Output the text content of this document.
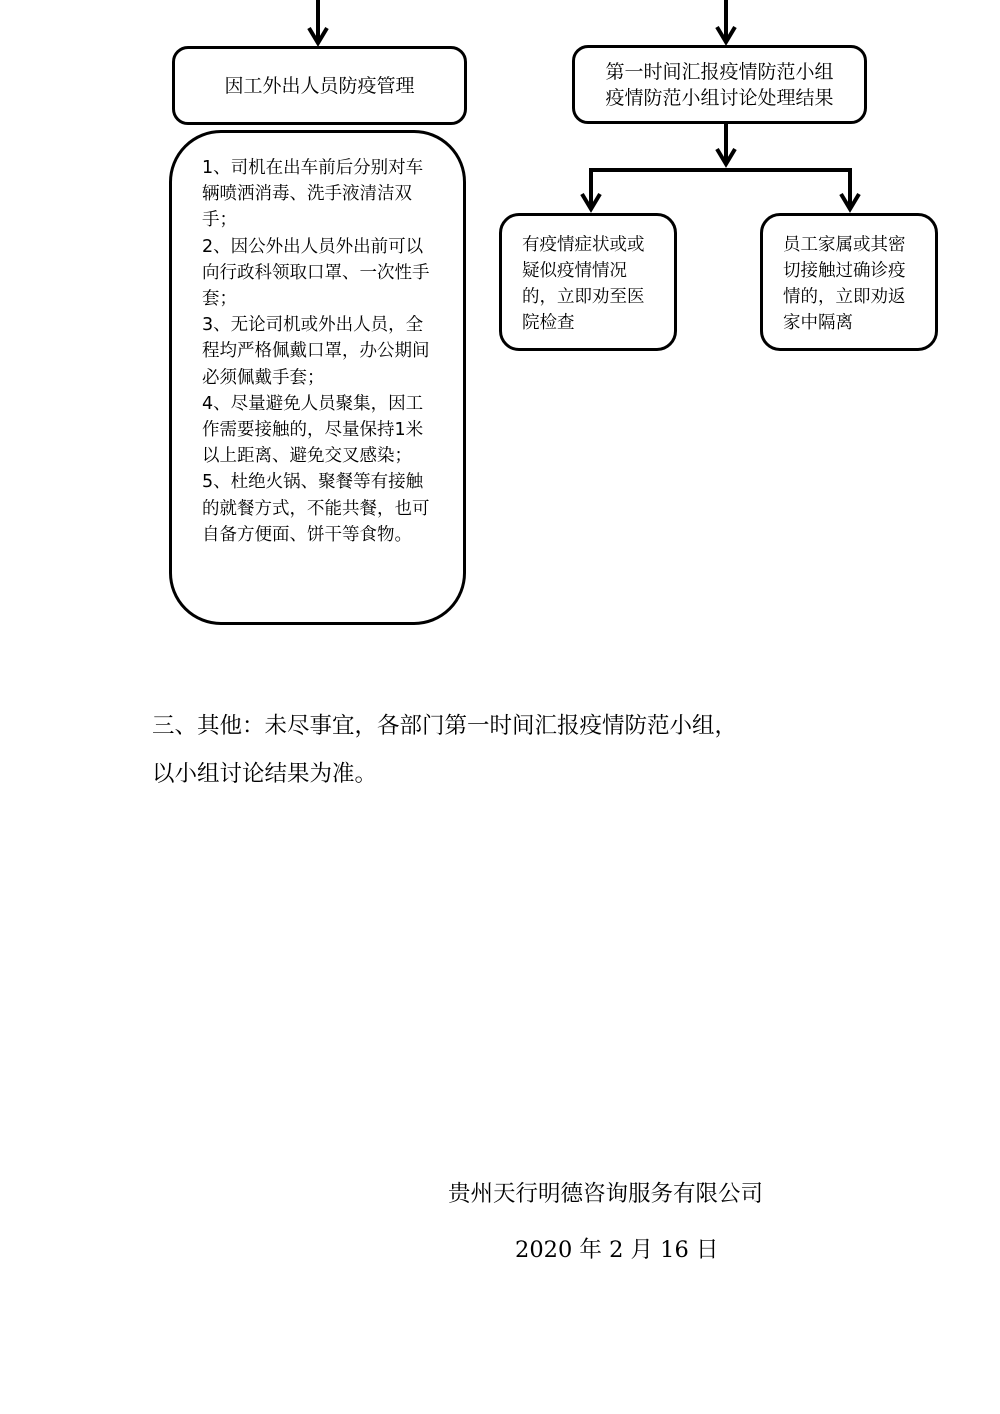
因工外出人员防疫管理
第一时间汇报疫情防范小组
疫情防范小组讨论处理结果

1、司机在出车前后分别对车辆喷洒消毒、洗手液清洁双手；

2、因公外出人员外出前可以向行政科领取口罩、一次性手套；

3、无论司机或外出人员，全程均严格佩戴口罩，办公期间必须佩戴手套；

4、尽量避免人员聚集，因工作需要接触的，尽量保持1米以上距离、避免交叉感染；

5、杜绝火锅、聚餐等有接触的就餐方式，不能共餐，也可自备方便面、饼干等食物。

有疫情症状或或疑似疫情情况的，立即劝至医院检查
员工家属或其密切接触过确诊疫情的，立即劝返家中隔离

三、其他：未尽事宜，各部门第一时间汇报疫情防范小组，

以小组讨论结果为准。

贵州天行明德咨询服务有限公司
2020 年 2 月 16 日
